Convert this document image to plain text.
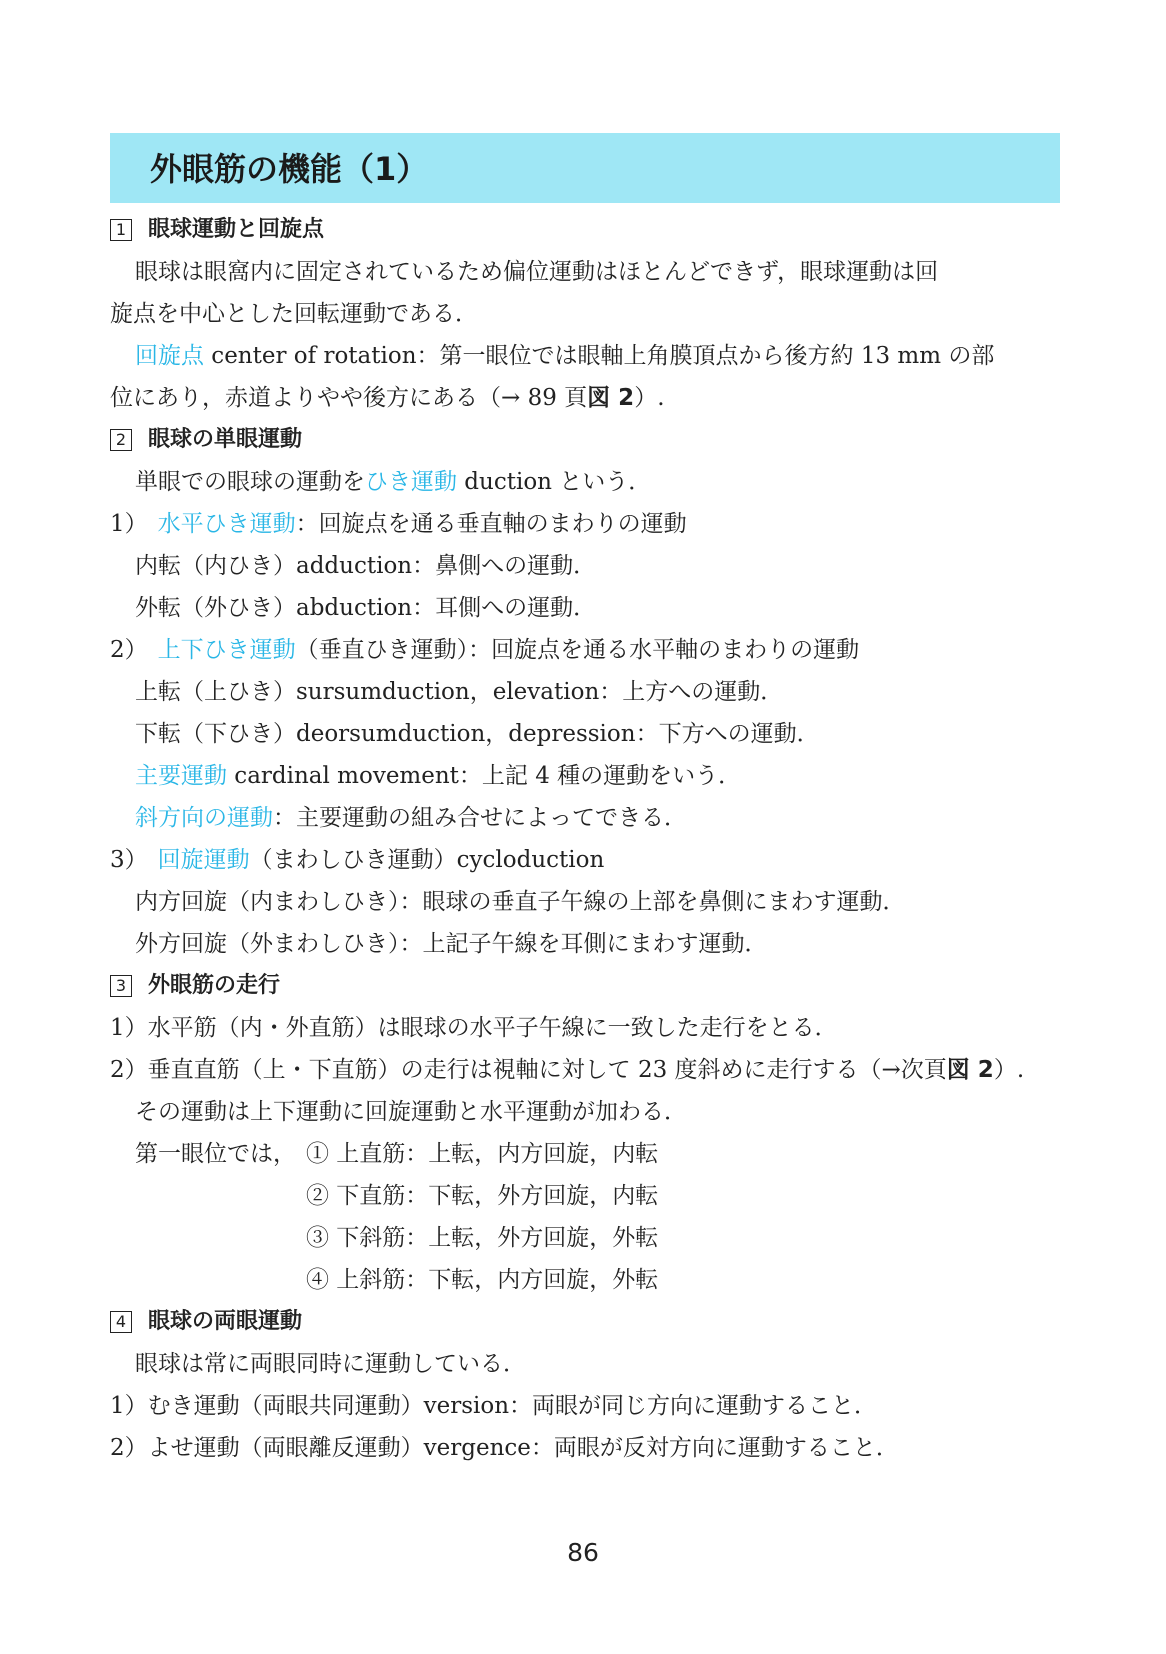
外眼筋の機能（1）
1 眼球運動と回旋点
眼球は眼窩内に固定されているため偏位運動はほとんどできず，眼球運動は回
旋点を中心とした回転運動である．
回旋点 center of rotation：第一眼位では眼軸上角膜頂点から後方約 13 mm の部
位にあり，赤道よりやや後方にある（→ 89 頁図 2）.
2 眼球の単眼運動
単眼での眼球の運動をひき運動 duction という．
1） 水平ひき運動：回旋点を通る垂直軸のまわりの運動
内転（内ひき）adduction：鼻側への運動．
外転（外ひき）abduction：耳側への運動．
2） 上下ひき運動（垂直ひき運動）：回旋点を通る水平軸のまわりの運動
上転（上ひき）sursumduction，elevation：上方への運動．
下転（下ひき）deorsumduction，depression：下方への運動．
主要運動 cardinal movement：上記 4 種の運動をいう．
斜方向の運動：主要運動の組み合せによってできる．
3） 回旋運動（まわしひき運動）cycloduction
内方回旋（内まわしひき）：眼球の垂直子午線の上部を鼻側にまわす運動．
外方回旋（外まわしひき）：上記子午線を耳側にまわす運動．
3 外眼筋の走行
1）水平筋（内・外直筋）は眼球の水平子午線に一致した走行をとる．
2）垂直直筋（上・下直筋）の走行は視軸に対して 23 度斜めに走行する（→次頁図 2）.
その運動は上下運動に回旋運動と水平運動が加わる．
第一眼位では， ① 上直筋：上転，内方回旋，内転
② 下直筋：下転，外方回旋，内転
③ 下斜筋：上転，外方回旋，外転
④ 上斜筋：下転，内方回旋，外転
4 眼球の両眼運動
眼球は常に両眼同時に運動している．
1）むき運動（両眼共同運動）version：両眼が同じ方向に運動すること．
2）よせ運動（両眼離反運動）vergence：両眼が反対方向に運動すること．
86
